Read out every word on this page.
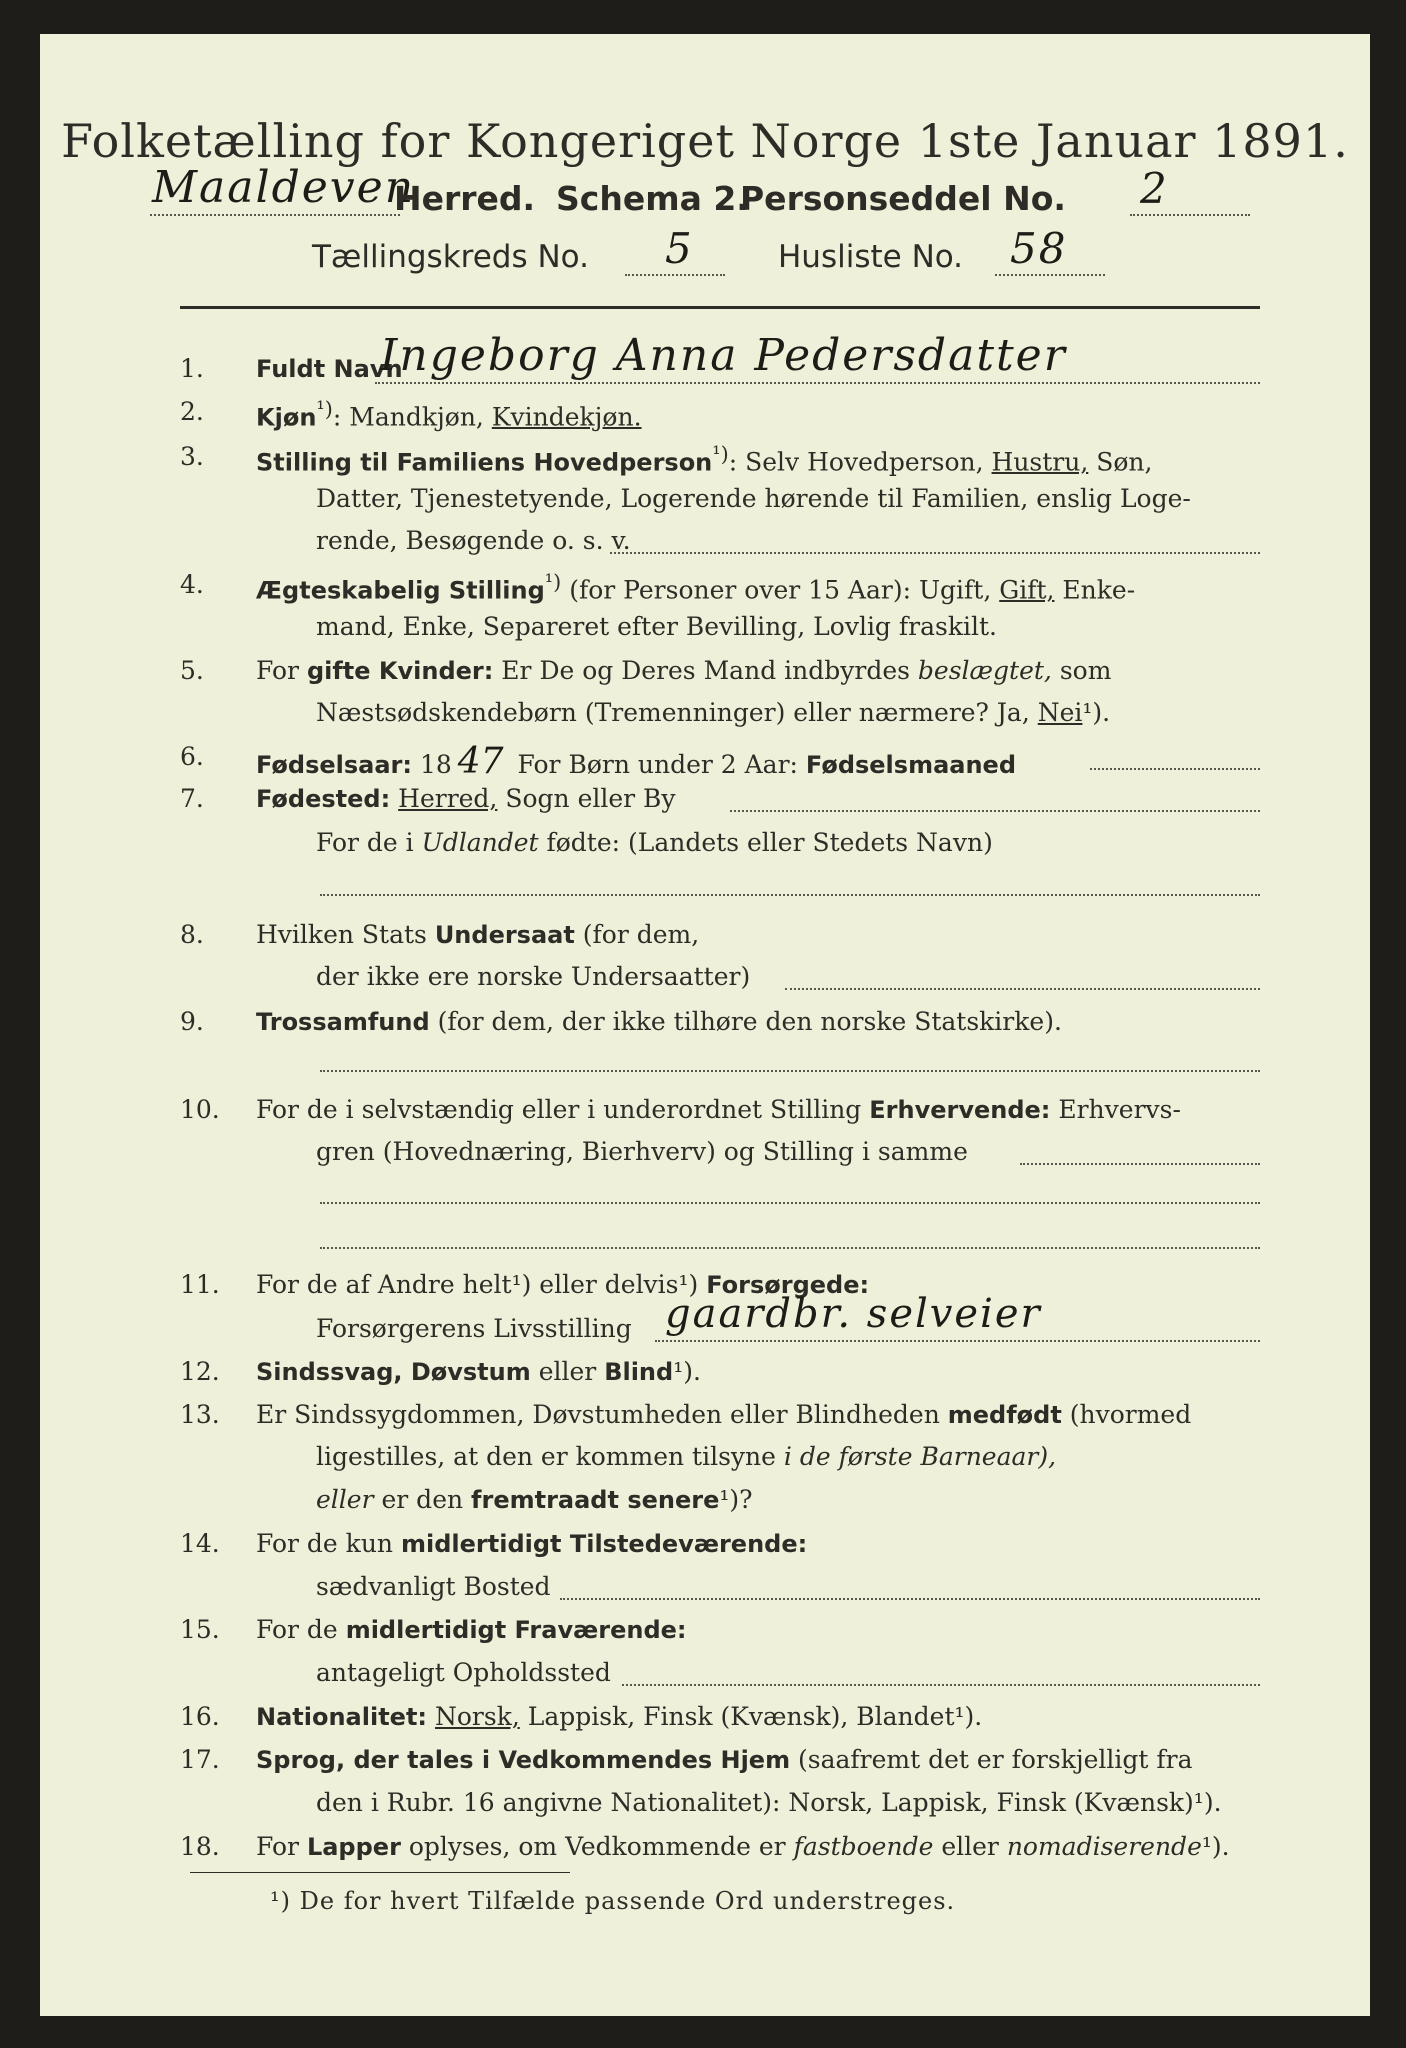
Folketælling for Kongeriget Norge 1ste Januar 1891.
Maaldeven
Herred. Schema 2.
Personseddel No. 2
Tællingskreds No. 5	Husliste No. 58
1.	Fuldt Navn
Ingeborg Anna Pedersdatter
2.	Kjøn$^{^1)}$: Mandkjøn, Kvindekjøn.
3.	Stilling til Familiens Hovedperson$^{^1)}$: Selv Hovedperson, Hustru, Søn,
Datter, Tjenestetyende, Logerende hørende til Familien, enslig Loge-
rende, Besøgende o. s. v.
4.	Ægteskabelig Stilling$^{^1)}$ (for Personer over 15 Aar): Ugift, Gift, Enke-
mand, Enke, Separeret efter Bevilling, Lovlig fraskilt.
5.	For gifte Kvinder: Er De og Deres Mand indbyrdes beslægtet, som
Næstsødskendebørn (Tremenninger) eller nærmere? Ja, Nei¹).
6.	Fødselsaar: 18 47 For Børn under 2 Aar: Fødselsmaaned
7.	Fødested: Herred, Sogn eller By
For de i Udlandet fødte: (Landets eller Stedets Navn)
8.	Hvilken Stats Undersaat (for dem,
der ikke ere norske Undersaatter)
9.	Trossamfund (for dem, der ikke tilhøre den norske Statskirke).
10.	For de i selvstændig eller i underordnet Stilling Erhvervende: Erhvervs-
gren (Hovednæring, Bierhverv) og Stilling i samme
11.	For de af Andre helt¹) eller delvis¹) Forsørgede:
Forsørgerens Livsstilling gaardbr. selveier
12.	Sindssvag, Døvstum eller Blind¹).
13.	Er Sindssygdommen, Døvstumheden eller Blindheden medfødt (hvormed
ligestilles, at den er kommen tilsyne i de første Barneaar),
eller er den fremtraadt senere¹)?
14.	For de kun midlertidigt Tilstedeværende:
sædvanligt Bosted
15.	For de midlertidigt Fraværende:
antageligt Opholdssted
16.	Nationalitet: Norsk, Lappisk, Finsk (Kvænsk), Blandet¹).
17.	Sprog, der tales i Vedkommendes Hjem (saafremt det er forskjelligt fra
den i Rubr. 16 angivne Nationalitet): Norsk, Lappisk, Finsk (Kvænsk)¹).
18.	For Lapper oplyses, om Vedkommende er fastboende eller nomadiserende¹).
¹) De for hvert Tilfælde passende Ord understreges.
